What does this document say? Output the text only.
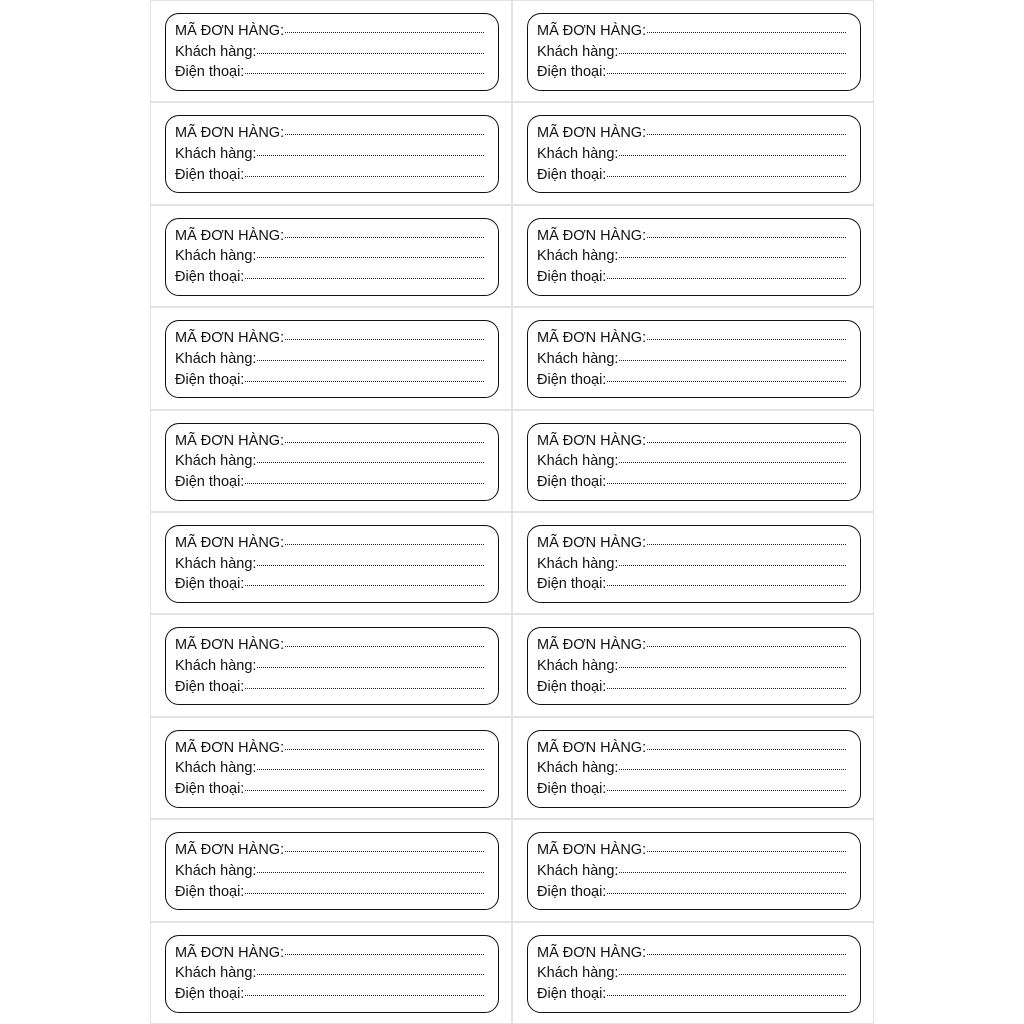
MÃ ĐƠN HÀNG:
Khách hàng:
Điện thoại:
MÃ ĐƠN HÀNG:
Khách hàng:
Điện thoại:
MÃ ĐƠN HÀNG:
Khách hàng:
Điện thoại:
MÃ ĐƠN HÀNG:
Khách hàng:
Điện thoại:
MÃ ĐƠN HÀNG:
Khách hàng:
Điện thoại:
MÃ ĐƠN HÀNG:
Khách hàng:
Điện thoại:
MÃ ĐƠN HÀNG:
Khách hàng:
Điện thoại:
MÃ ĐƠN HÀNG:
Khách hàng:
Điện thoại:
MÃ ĐƠN HÀNG:
Khách hàng:
Điện thoại:
MÃ ĐƠN HÀNG:
Khách hàng:
Điện thoại:
MÃ ĐƠN HÀNG:
Khách hàng:
Điện thoại:
MÃ ĐƠN HÀNG:
Khách hàng:
Điện thoại:
MÃ ĐƠN HÀNG:
Khách hàng:
Điện thoại:
MÃ ĐƠN HÀNG:
Khách hàng:
Điện thoại:
MÃ ĐƠN HÀNG:
Khách hàng:
Điện thoại:
MÃ ĐƠN HÀNG:
Khách hàng:
Điện thoại:
MÃ ĐƠN HÀNG:
Khách hàng:
Điện thoại:
MÃ ĐƠN HÀNG:
Khách hàng:
Điện thoại:
MÃ ĐƠN HÀNG:
Khách hàng:
Điện thoại:
MÃ ĐƠN HÀNG:
Khách hàng:
Điện thoại:
